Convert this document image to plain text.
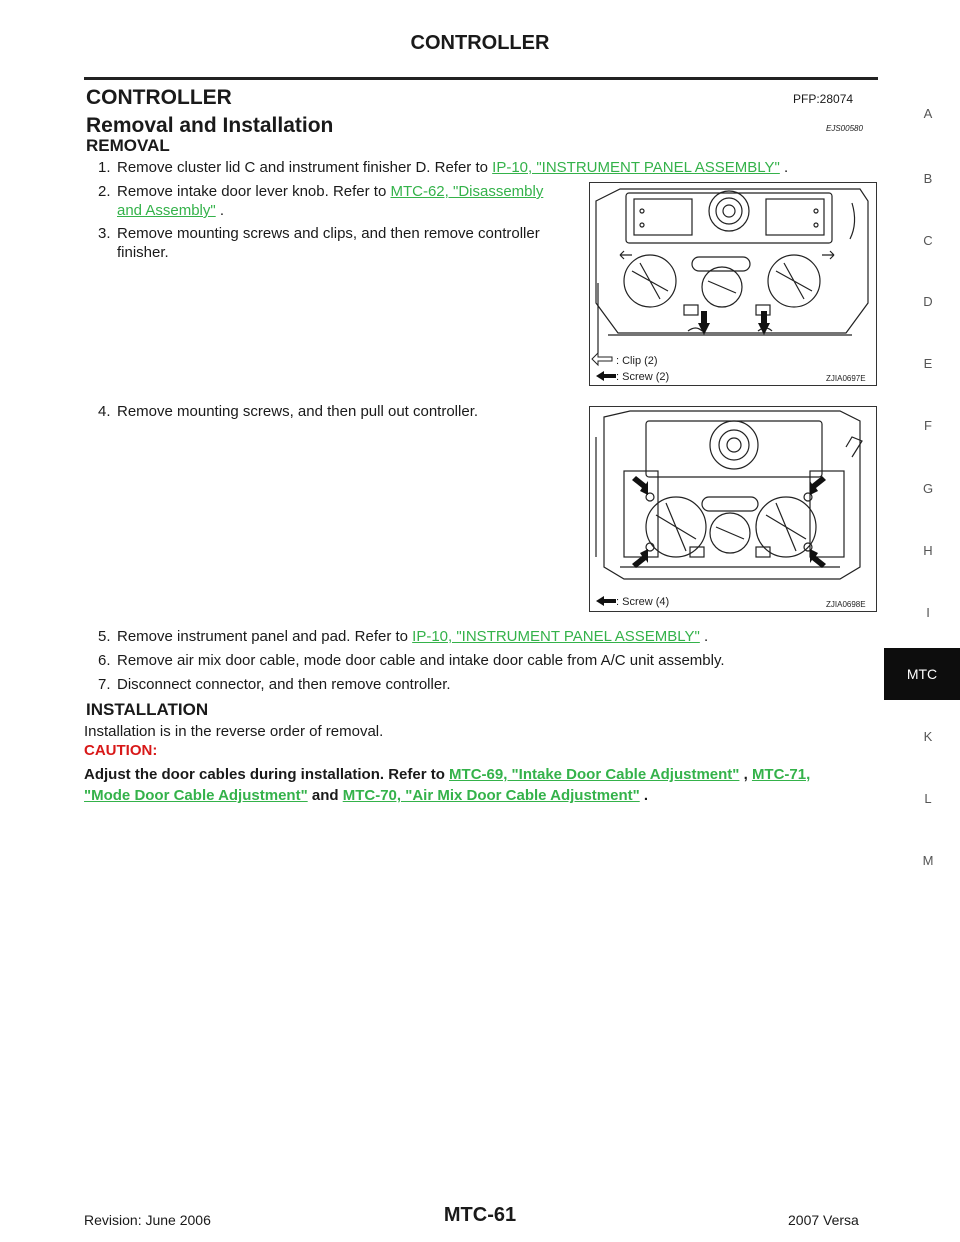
CONTROLLER
CONTROLLER	PFP:28074
Removal and Installation	EJS00580
REMOVAL
1. Remove cluster lid C and instrument finisher D. Refer to IP-10, "INSTRUMENT PANEL ASSEMBLY" .
2. Remove intake door lever knob. Refer to MTC-62, "Disassembly
and Assembly" .
3. Remove mounting screws and clips, and then remove controller
finisher.
: Clip (2)
: Screw (2)	ZJIA0697E
4. Remove mounting screws, and then pull out controller.
: Screw (4)	ZJIA0698E
5. Remove instrument panel and pad. Refer to IP-10, "INSTRUMENT PANEL ASSEMBLY" .
6. Remove air mix door cable, mode door cable and intake door cable from A/C unit assembly.
7. Disconnect connector, and then remove controller.
INSTALLATION
Installation is in the reverse order of removal.
CAUTION:
Adjust the door cables during installation. Refer to MTC-69, "Intake Door Cable Adjustment" , MTC-71,
"Mode Door Cable Adjustment" and MTC-70, "Air Mix Door Cable Adjustment" .
A
B
C
D
E
F
G
H
I
MTC
K
L
M
Revision: June 2006	MTC-61	2007 Versa
